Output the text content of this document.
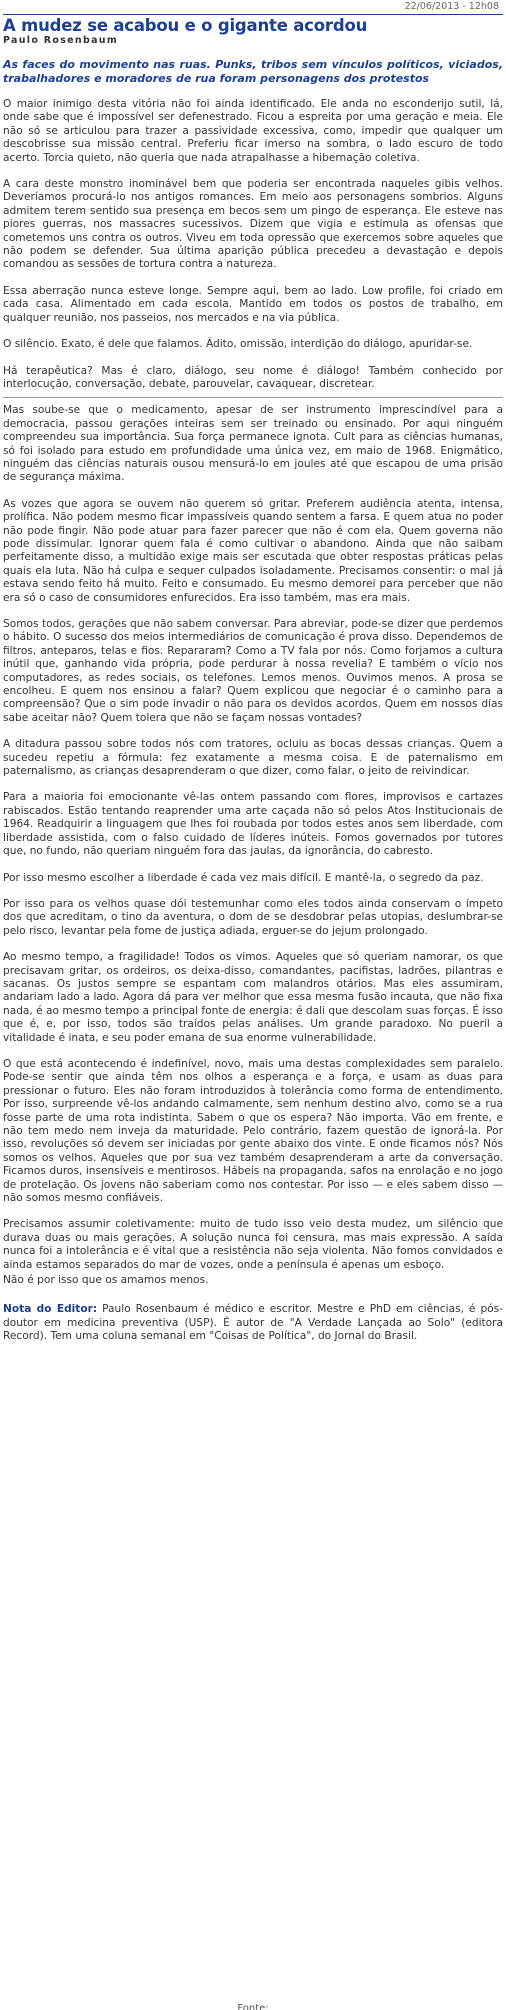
22/06/2013 - 12h08
A mudez se acabou e o gigante acordou
Paulo Rosenbaum
As faces do movimento nas ruas. Punks, tribos sem vínculos políticos, viciados, trabalhadores e moradores de rua foram personagens dos protestos

O maior inimigo desta vitória não foi ainda identificado. Ele anda no esconderijo sutil, lá, onde sabe que é impossível ser defenestrado. Ficou a espreita por uma geração e meia. Ele não só se articulou para trazer a passividade excessiva, como, impedir que qualquer um descobrisse sua missão central. Preferiu ficar imerso na sombra, o lado escuro de todo acerto. Torcia quieto, não queria que nada atrapalhasse a hibernação coletiva.

A cara deste monstro inominável bem que poderia ser encontrada naqueles gibis velhos. Deveríamos procurá-lo nos antigos romances. Em meio aos personagens sombrios. Alguns admitem terem sentido sua presença em becos sem um pingo de esperança. Ele esteve nas piores guerras, nos massacres sucessivos. Dizem que vigia e estimula as ofensas que cometemos uns contra os outros. Viveu em toda opressão que exercemos sobre aqueles que não podem se defender. Sua última aparição pública precedeu a devastação e depois comandou as sessões de tortura contra a natureza.

Essa aberração nunca esteve longe. Sempre aqui, bem ao lado. Low profile, foi criado em cada casa. Alimentado em cada escola. Mantido em todos os postos de trabalho, em qualquer reunião, nos passeios, nos mercados e na via pública.

O silêncio. Exato, é dele que falamos. Ádito, omissão, interdição do diálogo, apuridar-se.

Há terapêutica? Mas é claro, diálogo, seu nome é diálogo! Também conhecido por interlocução, conversação, debate, parouvelar, cavaquear, discretear.

Mas soube-se que o medicamento, apesar de ser instrumento imprescindível para a democracia, passou gerações inteiras sem ser treinado ou ensinado. Por aqui ninguém compreendeu sua importância. Sua força permanece ignota. Cult para as ciências humanas, só foi isolado para estudo em profundidade uma única vez, em maio de 1968. Enigmático, ninguém das ciências naturais ousou mensurá-lo em joules até que escapou de uma prisão de segurança máxima.

As vozes que agora se ouvem não querem só gritar. Preferem audiência atenta, intensa, prolífica. Não podem mesmo ficar impassíveis quando sentem a farsa. E quem atua no poder não pode fingir. Não pode atuar para fazer parecer que não é com ela. Quem governa não pode dissimular. Ignorar quem fala é como cultivar o abandono. Ainda que não saibam perfeitamente disso, a multidão exige mais ser escutada que obter respostas práticas pelas quais ela luta. Não há culpa e sequer culpados isoladamente. Precisamos consentir: o mal já estava sendo feito há muito. Feito e consumado. Eu mesmo demorei para perceber que não era só o caso de consumidores enfurecidos. Era isso também, mas era mais.

Somos todos, gerações que não sabem conversar. Para abreviar, pode-se dizer que perdemos o hábito. O sucesso dos meios intermediários de comunicação é prova disso. Dependemos de filtros, anteparos, telas e fios. Repararam? Como a TV fala por nós. Como forjamos a cultura inútil que, ganhando vida própria, pode perdurar à nossa revelia? E também o vício nos computadores, as redes sociais, os telefones. Lemos menos. Ouvimos menos. A prosa se encolheu. E quem nos ensinou a falar? Quem explicou que negociar é o caminho para a compreensão? Que o sim pode invadir o não para os devidos acordos. Quem em nossos dias sabe aceitar não? Quem tolera que não se façam nossas vontades?

A ditadura passou sobre todos nós com tratores, ocluiu as bocas dessas crianças. Quem a sucedeu repetiu a fórmula: fez exatamente a mesma coisa. E de paternalismo em paternalismo, as crianças desaprenderam o que dizer, como falar, o jeito de reivindicar.

Para a maioria foi emocionante vê-las ontem passando com flores, improvisos e cartazes rabiscados. Estão tentando reaprender uma arte caçada não só pelos Atos Institucionais de 1964. Readquirir a linguagem que lhes foi roubada por todos estes anos sem liberdade, com liberdade assistida, com o falso cuidado de líderes inúteis. Fomos governados por tutores que, no fundo, não queriam ninguém fora das jaulas, da ignorância, do cabresto.

Por isso mesmo escolher a liberdade é cada vez mais difícil. E mantê-la, o segredo da paz.

Por isso para os velhos quase dói testemunhar como eles todos ainda conservam o ímpeto dos que acreditam, o tino da aventura, o dom de se desdobrar pelas utopias, deslumbrar-se pelo risco, levantar pela fome de justiça adiada, erguer-se do jejum prolongado.

Ao mesmo tempo, a fragilidade! Todos os vimos. Aqueles que só queriam namorar, os que precisavam gritar, os ordeiros, os deixa-disso, comandantes, pacifistas, ladrões, pilantras e sacanas. Os justos sempre se espantam com malandros otários. Mas eles assumiram, andariam lado a lado. Agora dá para ver melhor que essa mesma fusão incauta, que não fixa nada, é ao mesmo tempo a principal fonte de energia: é dali que descolam suas forças. É isso que é, e, por isso, todos são traídos pelas análises. Um grande paradoxo. No pueril a vitalidade é inata, e seu poder emana de sua enorme vulnerabilidade.

O que está acontecendo é indefinível, novo, mais uma destas complexidades sem paralelo. Pode-se sentir que ainda têm nos olhos a esperança e a força, e usam as duas para pressionar o futuro. Eles não foram introduzidos à tolerância como forma de entendimento. Por isso, surpreende vê-los andando calmamente, sem nenhum destino alvo, como se a rua fosse parte de uma rota indistinta. Sabem o que os espera? Não importa. Vão em frente, e não tem medo nem inveja da maturidade. Pelo contrário, fazem questão de ignorá-la. Por isso, revoluções só devem ser iniciadas por gente abaixo dos vinte. E onde ficamos nós? Nós somos os velhos. Aqueles que por sua vez também desaprenderam a arte da conversação. Ficamos duros, insensíveis e mentirosos. Hábeis na propaganda, safos na enrolação e no jogo de protelação. Os jovens não saberiam como nos contestar. Por isso — e eles sabem disso — não somos mesmo confiáveis.

Precisamos assumir coletivamente: muito de tudo isso veio desta mudez, um silêncio que durava duas ou mais gerações. A solução nunca foi censura, mas mais expressão. A saída nunca foi a intolerância e é vital que a resistência não seja violenta. Não fomos convidados e ainda estamos separados do mar de vozes, onde a península é apenas um esboço.

Não é por isso que os amamos menos.

Nota do Editor: Paulo Rosenbaum é médico e escritor. Mestre e PhD em ciências, é pós-doutor em medicina preventiva (USP). É autor de "A Verdade Lançada ao Solo" (editora Record). Tem uma coluna semanal em "Coisas de Política", do Jornal do Brasil.

Fonte:
